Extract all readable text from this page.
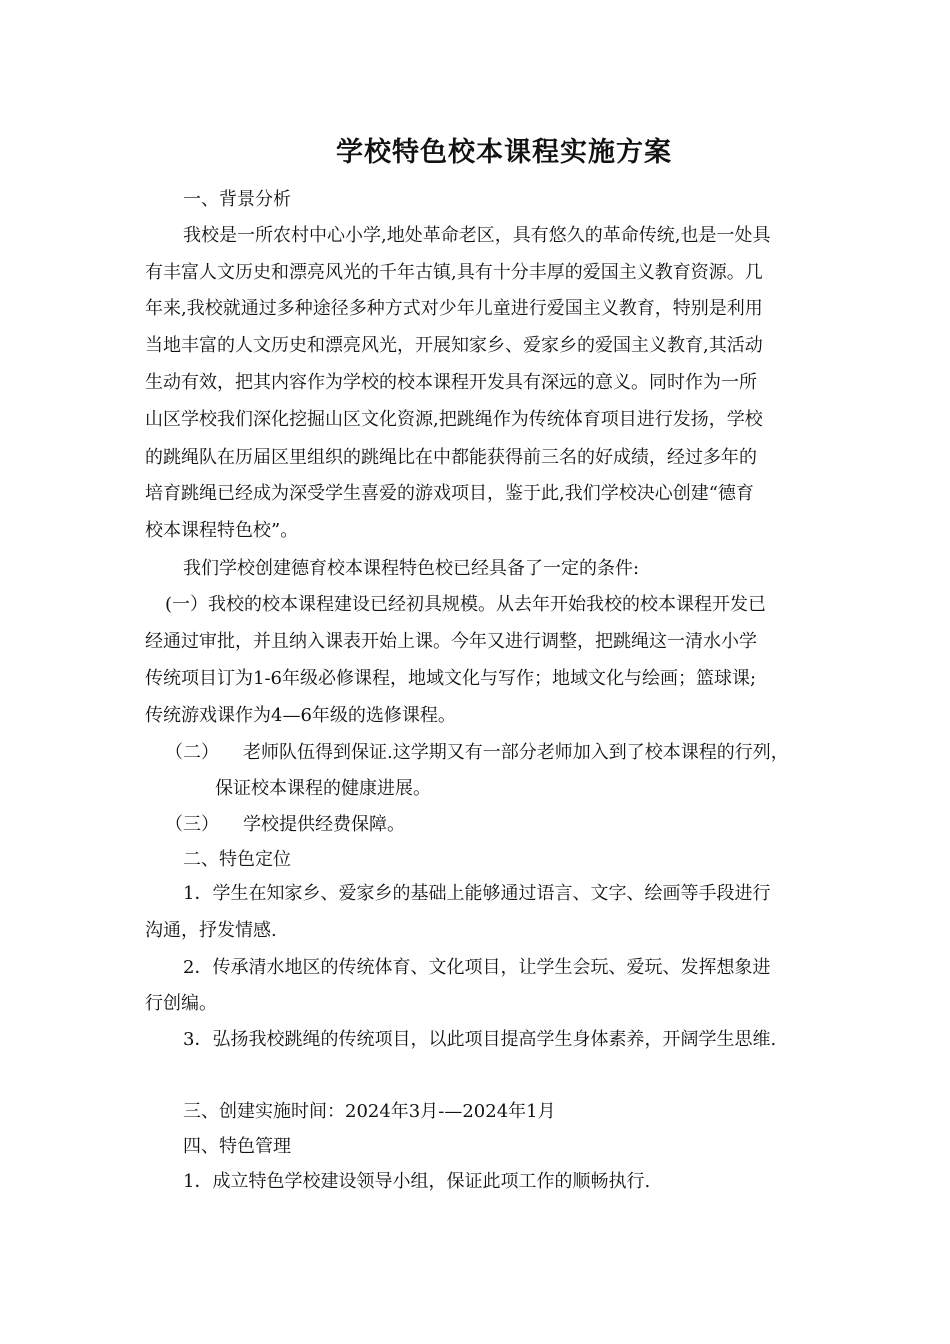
学校特色校本课程实施方案
一、背景分析
我校是一所农村中心小学,地处革命老区，具有悠久的革命传统,也是一处具
有丰富人文历史和漂亮风光的千年古镇,具有十分丰厚的爱国主义教育资源。几
年来,我校就通过多种途径多种方式对少年儿童进行爱国主义教育，特别是利用
当地丰富的人文历史和漂亮风光，开展知家乡、爱家乡的爱国主义教育,其活动
生动有效，把其内容作为学校的校本课程开发具有深远的意义。同时作为一所
山区学校我们深化挖掘山区文化资源,把跳绳作为传统体育项目进行发扬，学校
的跳绳队在历届区里组织的跳绳比在中都能获得前三名的好成绩，经过多年的
培育跳绳已经成为深受学生喜爱的游戏项目，鉴于此,我们学校决心创建“德育
校本课程特色校”。
我们学校创建德育校本课程特色校已经具备了一定的条件:
(一）我校的校本课程建设已经初具规模。从去年开始我校的校本课程开发已
经通过审批，并且纳入课表开始上课。今年又进行调整，把跳绳这一清水小学
传统项目订为1-6年级必修课程，地域文化与写作；地域文化与绘画；篮球课;
传统游戏课作为4—6年级的选修课程。
（二） 老师队伍得到保证.这学期又有一部分老师加入到了校本课程的行列，
保证校本课程的健康进展。
（三） 学校提供经费保障。
二、特色定位
1．学生在知家乡、爱家乡的基础上能够通过语言、文字、绘画等手段进行
沟通，抒发情感.
2．传承清水地区的传统体育、文化项目，让学生会玩、爱玩、发挥想象进
行创编。
3．弘扬我校跳绳的传统项目，以此项目提高学生身体素养，开阔学生思维.
三、创建实施时间：2024年3月-—2024年1月
四、特色管理
1．成立特色学校建设领导小组，保证此项工作的顺畅执行.
